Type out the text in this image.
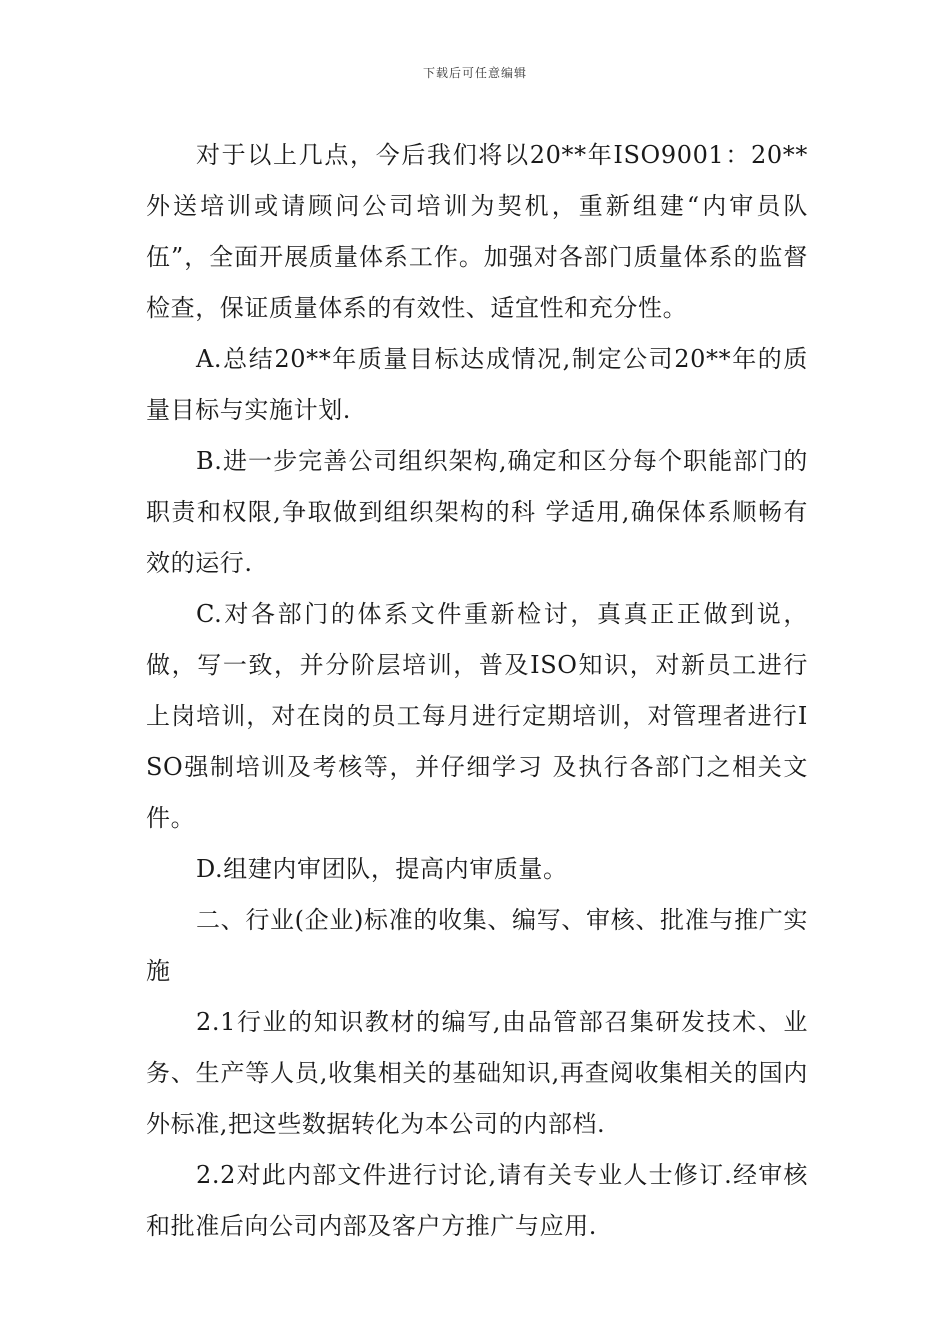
下载后可任意编辑

对于以上几点，今后我们将以20**年ISO9001：20**外送培训或请顾问公司培训为契机，重新组建“内审员队伍”，全面开展质量体系工作。加强对各部门质量体系的监督检查，保证质量体系的有效性、适宜性和充分性。

A.总结20**年质量目标达成情况,制定公司20**年的质量目标与实施计划.

B.进一步完善公司组织架构,确定和区分每个职能部门的职责和权限,争取做到组织架构的科 学适用,确保体系顺畅有效的运行.

C.对各部门的体系文件重新检讨，真真正正做到说，做，写一致，并分阶层培训，普及ISO知识，对新员工进行上岗培训，对在岗的员工每月进行定期培训，对管理者进行ISO强制培训及考核等，并仔细学习 及执行各部门之相关文件。

D.组建内审团队，提高内审质量。

二、行业(企业)标准的收集、编写、审核、批准与推广实施

2.1行业的知识教材的编写,由品管部召集研发技术、业务、生产等人员,收集相关的基础知识,再查阅收集相关的国内外标准,把这些数据转化为本公司的内部档.

2.2对此内部文件进行讨论,请有关专业人士修订.经审核和批准后向公司内部及客户方推广与应用.
